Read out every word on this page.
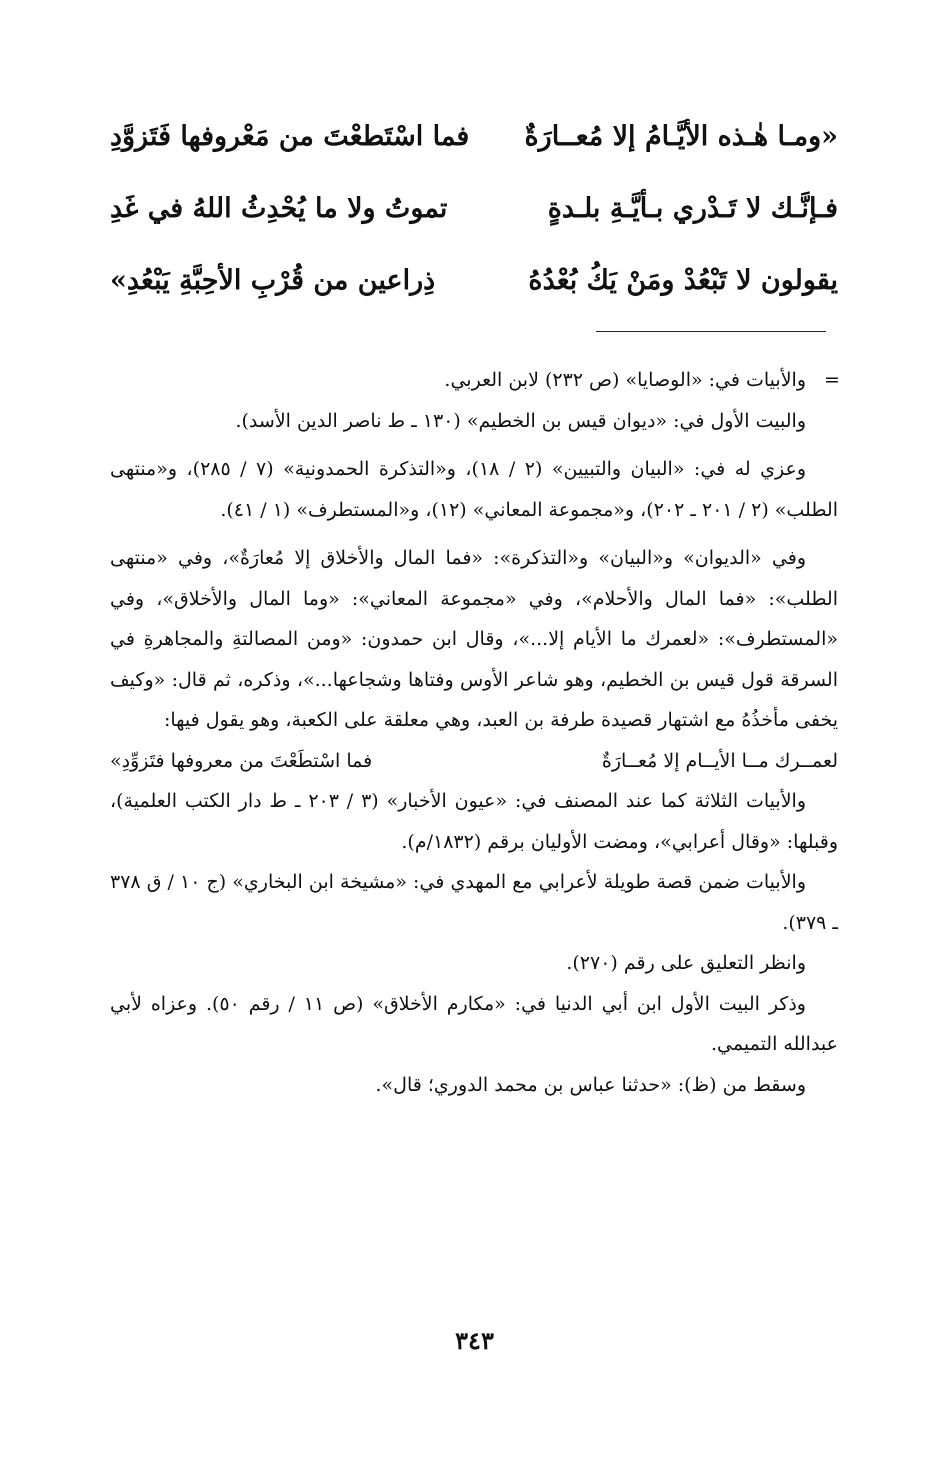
«ومـا هٰـذه الأيَّـامُ إلا مُعــارَةٌ
فما اسْتَطعْتَ من مَعْروفها فَتَزوَّدِ
فـإنَّـك لا تَـدْري بـأيَّـةِ بلـدةٍ
تموتُ ولا ما يُحْدِثُ اللهُ في غَدِ
يقولون لا تَبْعُدْ ومَنْ يَكُ بُعْدُهُ
ذِراعين من قُرْبِ الأحِبَّةِ يَبْعُدِ»
=

والأبيات في: «الوصايا» (ص ٢٣٢) لابن العربي.

والبيت الأول في: «ديوان قيس بن الخطيم» (١٣٠ ـ ط ناصر الدين الأسد).

وعزي له في: «البيان والتبيين» (٢ / ١٨)، و«التذكرة الحمدونية» (٧ / ٢٨٥)، و«منتهى الطلب» (٢ / ٢٠١ ـ ٢٠٢)، و«مجموعة المعاني» (١٢)، و«المستطرف» (١ / ٤١).

وفي «الديوان» و«البيان» و«التذكرة»: «فما المال والأخلاق إلا مُعارَةٌ»، وفي «منتهى الطلب»: «فما المال والأحلام»، وفي «مجموعة المعاني»: «وما المال والأخلاق»، وفي «المستطرف»: «لعمرك ما الأيام إلا...»، وقال ابن حمدون: «ومن المصالتةِ والمجاهرةِ في السرقة قول قيس بن الخطيم، وهو شاعر الأوس وفتاها وشجاعها...»، وذكره، ثم قال: «وكيف يخفى مأخذُهُ مع اشتهار قصيدة طرفة بن العبد، وهي معلقة على الكعبة، وهو يقول فيها:

لعمــرك مــا الأيــام إلا مُعــارَةٌ
فما اسْتطَعْتَ من معروفها فتَزوِّدِ»

والأبيات الثلاثة كما عند المصنف في: «عيون الأخبار» (٣ / ٢٠٣ ـ ط دار الكتب العلمية)، وقبلها: «وقال أعرابي»، ومضت الأوليان برقم (١٨٣٢/م).

والأبيات ضمن قصة طويلة لأعرابي مع المهدي في: «مشيخة ابن البخاري» (ج ١٠ / ق ٣٧٨ ـ ٣٧٩).

وانظر التعليق على رقم (٢٧٠).

وذكر البيت الأول ابن أبي الدنيا في: «مكارم الأخلاق» (ص ١١ / رقم ٥٠). وعزاه لأبي عبدالله التميمي.

وسقط من (ظ): «حدثنا عباس بن محمد الدوري؛ قال».

٣٤٣
